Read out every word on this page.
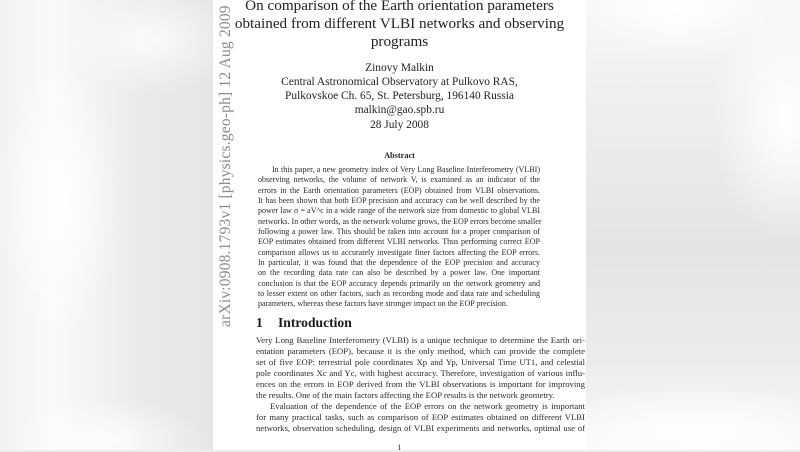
On comparison of the Earth orientation parameters
obtained from different VLBI networks and observing
programs
Zinovy Malkin
Central Astronomical Observatory at Pulkovo RAS,
Pulkovskoe Ch. 65, St. Petersburg, 196140 Russia
malkin@gao.spb.ru
28 July 2008
Abstract
In this paper, a new geometry index of Very Long Baseline Interferometry (VLBI)
observing networks, the volume of network V, is examined as an indicator of the
errors in the Earth orientation parameters (EOP) obtained from VLBI observations.
It has been shown that both EOP precision and accuracy can be well described by the
power law σ = aV^c in a wide range of the network size from domestic to global VLBI
networks. In other words, as the network volume grows, the EOP errors become smaller
following a power law. This should be taken into account for a proper comparison of
EOP estimates obtained from different VLBI networks. Thus performing correct EOP
comparison allows us to accurately investigate finer factors affecting the EOP errors.
In particular, it was found that the dependence of the EOP precision and accuracy
on the recording data rate can also be described by a power law. One important
conclusion is that the EOP accuracy depends primarily on the network geometry and
to lesser extent on other factors, such as recording mode and data rate and scheduling
parameters, whereas these factors have stronger impact on the EOP precision.
1 Introduction
Very Long Baseline Interferometry (VLBI) is a unique technique to determine the Earth ori-
entation parameters (EOP), because it is the only method, which can provide the complete
set of five EOP: terrestrial pole coordinates Xp and Yp, Universal Time UT1, and celestial
pole coordinates Xc and Yc, with highest accuracy. Therefore, investigation of various influ-
ences on the errors in EOP derived from the VLBI observations is important for improving
the results. One of the main factors affecting the EOP results is the network geometry.
Evaluation of the dependence of the EOP errors on the network geometry is important
for many practical tasks, such as comparison of EOP estimates obtained on different VLBI
networks, observation scheduling, design of VLBI experiments and networks, optimal use of
1
arXiv:0908.1793v1 [physics.geo-ph] 12 Aug 2009
